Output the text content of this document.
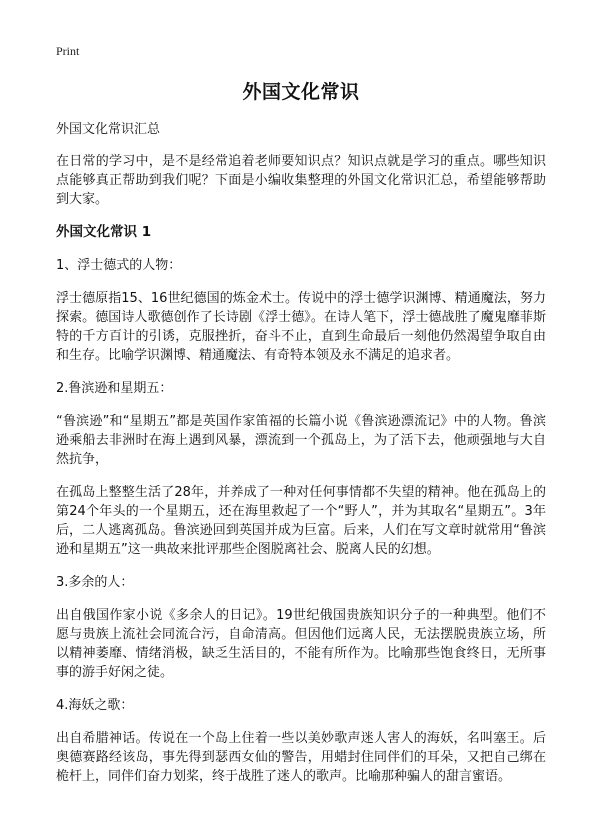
Print
外国文化常识

外国文化常识汇总

在日常的学习中，是不是经常追着老师要知识点？知识点就是学习的重点。哪些知识点能够真正帮助到我们呢？下面是小编收集整理的外国文化常识汇总，希望能够帮助到大家。

外国文化常识 1

1、浮士德式的人物：

浮士德原指15、16世纪德国的炼金术士。传说中的浮士德学识渊博、精通魔法，努力探索。德国诗人歌德创作了长诗剧《浮士德》。在诗人笔下，浮士德战胜了魔鬼靡菲斯特的千方百计的引诱，克服挫折，奋斗不止，直到生命最后一刻他仍然渴望争取自由和生存。比喻学识渊博、精通魔法、有奇特本领及永不满足的追求者。

2.鲁滨逊和星期五：

“鲁滨逊”和“星期五”都是英国作家笛福的长篇小说《鲁滨逊漂流记》中的人物。鲁滨逊乘船去非洲时在海上遇到风暴，漂流到一个孤岛上，为了活下去，他顽强地与大自然抗争，

在孤岛上整整生活了28年，并养成了一种对任何事情都不失望的精神。他在孤岛上的第24个年头的一个星期五，还在海里救起了一个“野人”，并为其取名“星期五”。3年后，二人逃离孤岛。鲁滨逊回到英国并成为巨富。后来，人们在写文章时就常用“鲁滨逊和星期五”这一典故来批评那些企图脱离社会、脱离人民的幻想。

3.多余的人：

出自俄国作家小说《多余人的日记》。19世纪俄国贵族知识分子的一种典型。他们不愿与贵族上流社会同流合污，自命清高。但因他们远离人民，无法摆脱贵族立场，所以精神萎靡、情绪消极，缺乏生活目的，不能有所作为。比喻那些饱食终日，无所事事的游手好闲之徒。

4.海妖之歌：

出自希腊神话。传说在一个岛上住着一些以美妙歌声迷人害人的海妖，名叫塞王。后奥德赛路经该岛，事先得到瑟西女仙的警告，用蜡封住同伴们的耳朵，又把自己绑在桅杆上，同伴们奋力划桨，终于战胜了迷人的歌声。比喻那种骗人的甜言蜜语。
